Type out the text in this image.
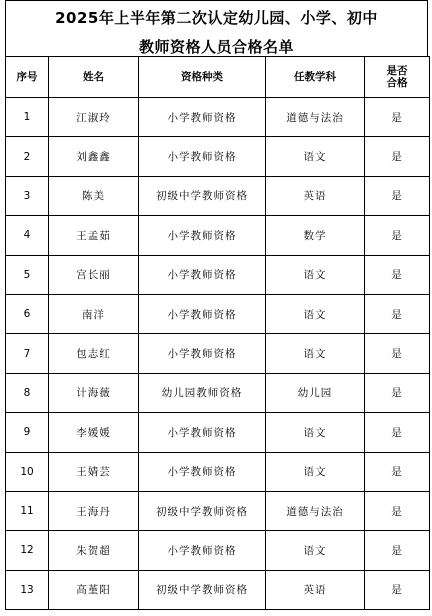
2025年上半年第二次认定幼儿园、小学、初中
教师资格人员合格名单
序号	姓名	资格种类	任教学科	是否
合格
1	江淑玲	小学教师资格	道德与法治	是
2	刘鑫鑫	小学教师资格	语文	是
3	陈美	初级中学教师资格	英语	是
4	王孟茹	小学教师资格	数学	是
5	宫长丽	小学教师资格	语文	是
6	南洋	小学教师资格	语文	是
7	包志红	小学教师资格	语文	是
8	计海薇	幼儿园教师资格	幼儿园	是
9	李媛媛	小学教师资格	语文	是
10	王婧芸	小学教师资格	语文	是
11	王海丹	初级中学教师资格	道德与法治	是
12	朱贺超	小学教师资格	语文	是
13	高堇阳	初级中学教师资格	英语	是
